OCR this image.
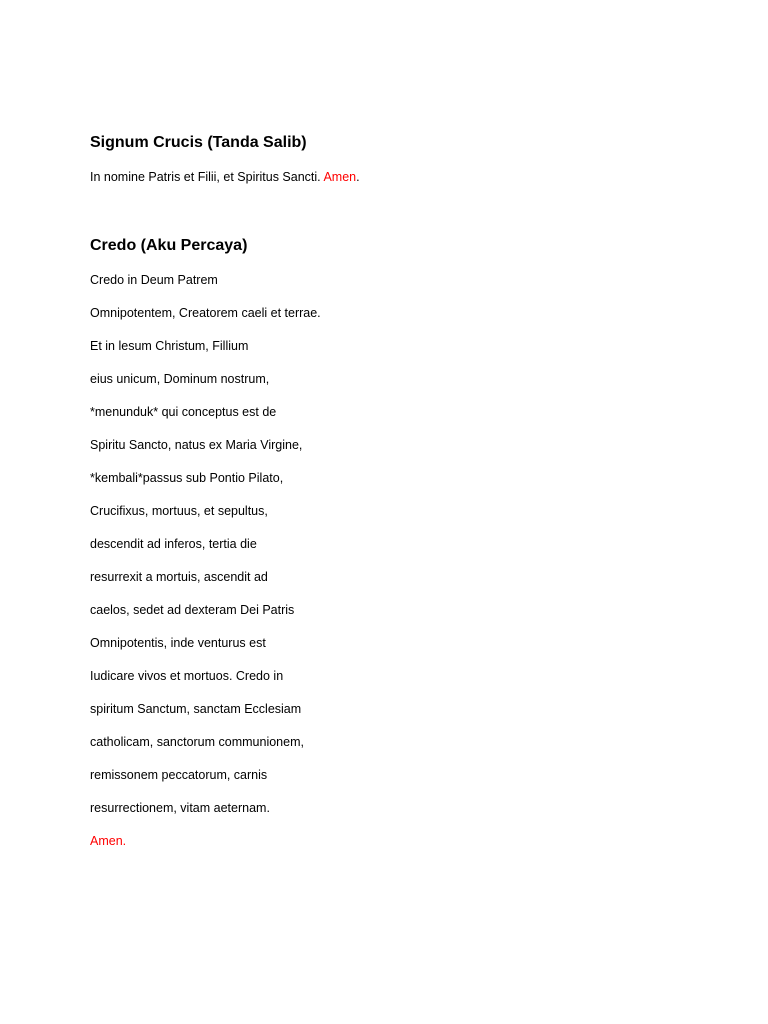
Signum Crucis (Tanda Salib)

In nomine Patris et Filii, et Spiritus Sancti. Amen.

Credo (Aku Percaya)

Credo in Deum Patrem

Omnipotentem, Creatorem caeli et terrae.

Et in lesum Christum, Fillium

eius unicum, Dominum nostrum,

*menunduk* qui conceptus est de

Spiritu Sancto, natus ex Maria Virgine,

*kembali*passus sub Pontio Pilato,

Crucifixus, mortuus, et sepultus,

descendit ad inferos, tertia die

resurrexit a mortuis, ascendit ad

caelos, sedet ad dexteram Dei Patris

Omnipotentis, inde venturus est

Iudicare vivos et mortuos. Credo in

spiritum Sanctum, sanctam Ecclesiam

catholicam, sanctorum communionem,

remissonem peccatorum, carnis

resurrectionem, vitam aeternam.

Amen.
